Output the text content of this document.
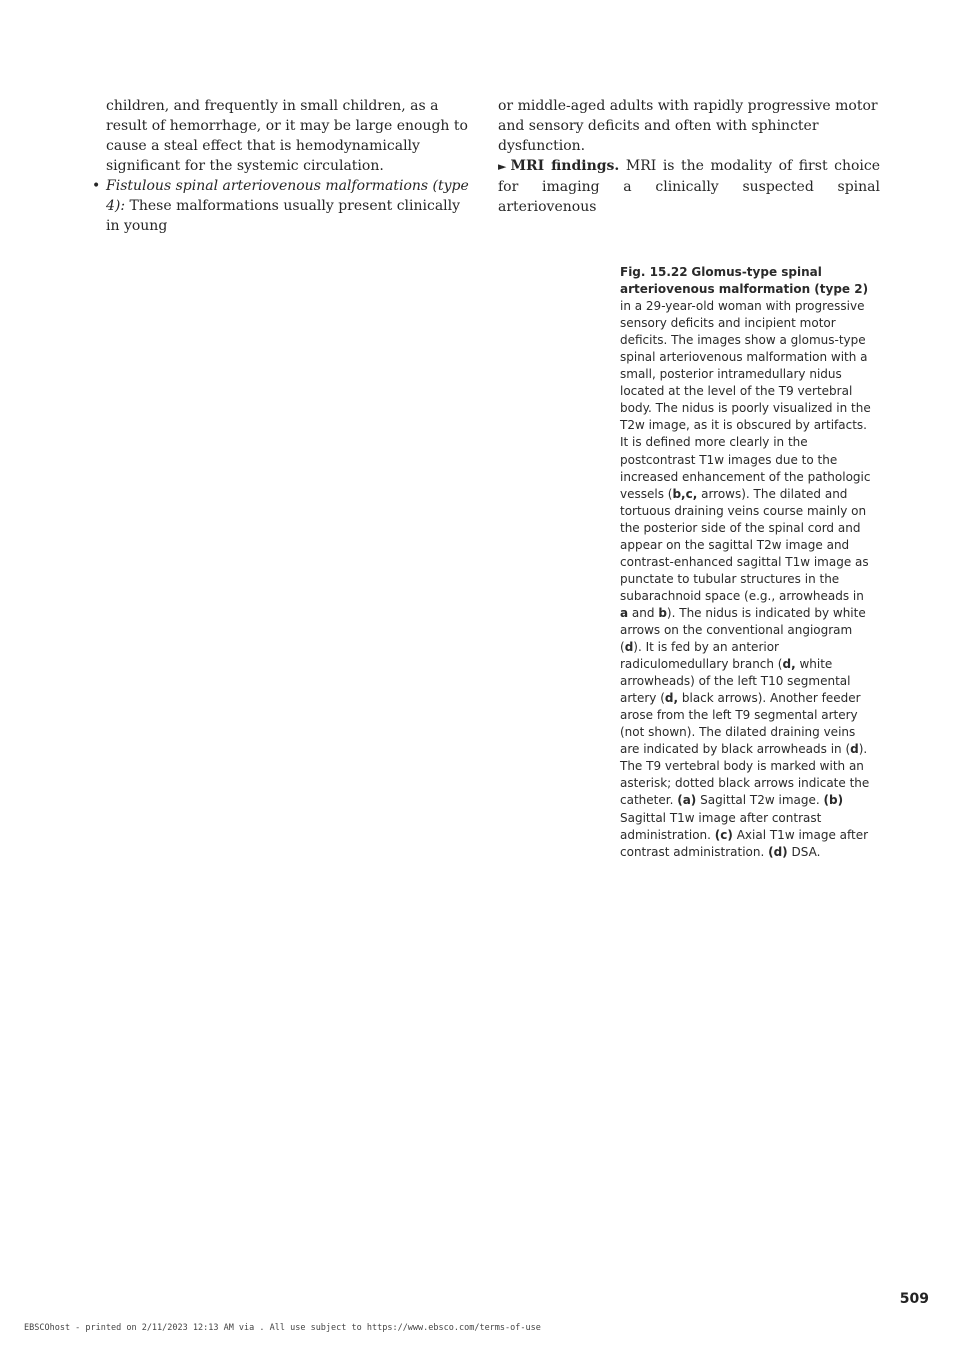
children, and frequently in small children, as a result of hemorrhage, or it may be large enough to cause a steal effect that is hemodynamically significant for the systemic circulation.

• Fistulous spinal arteriovenous malformations (type 4): These malformations usually present clinically in young

or middle-aged adults with rapidly progressive motor and sensory deficits and often with sphincter dysfunction.

► MRI findings. MRI is the modality of first choice for imaging a clinically suspected spinal arteriovenous

Fig. 15.22 Glomus-type spinal arteriovenous malformation (type 2) in a 29-year-old woman with progressive sensory deficits and incipient motor deficits. The images show a glomus-type spinal arteriovenous malformation with a small, posterior intramedullary nidus located at the level of the T9 vertebral body. The nidus is poorly visualized in the T2w image, as it is obscured by artifacts. It is defined more clearly in the postcontrast T1w images due to the increased enhancement of the pathologic vessels (b,c, arrows). The dilated and tortuous draining veins course mainly on the posterior side of the spinal cord and appear on the sagittal T2w image and contrast-enhanced sagittal T1w image as punctate to tubular structures in the subarachnoid space (e.g., arrowheads in a and b). The nidus is indicated by white arrows on the conventional angiogram (d). It is fed by an anterior radiculomedullary branch (d, white arrowheads) of the left T10 segmental artery (d, black arrows). Another feeder arose from the left T9 segmental artery (not shown). The dilated draining veins are indicated by black arrowheads in (d). The T9 vertebral body is marked with an asterisk; dotted black arrows indicate the catheter. (a) Sagittal T2w image. (b) Sagittal T1w image after contrast administration. (c) Axial T1w image after contrast administration. (d) DSA.

509
EBSCOhost - printed on 2/11/2023 12:13 AM via . All use subject to https://www.ebsco.com/terms-of-use
